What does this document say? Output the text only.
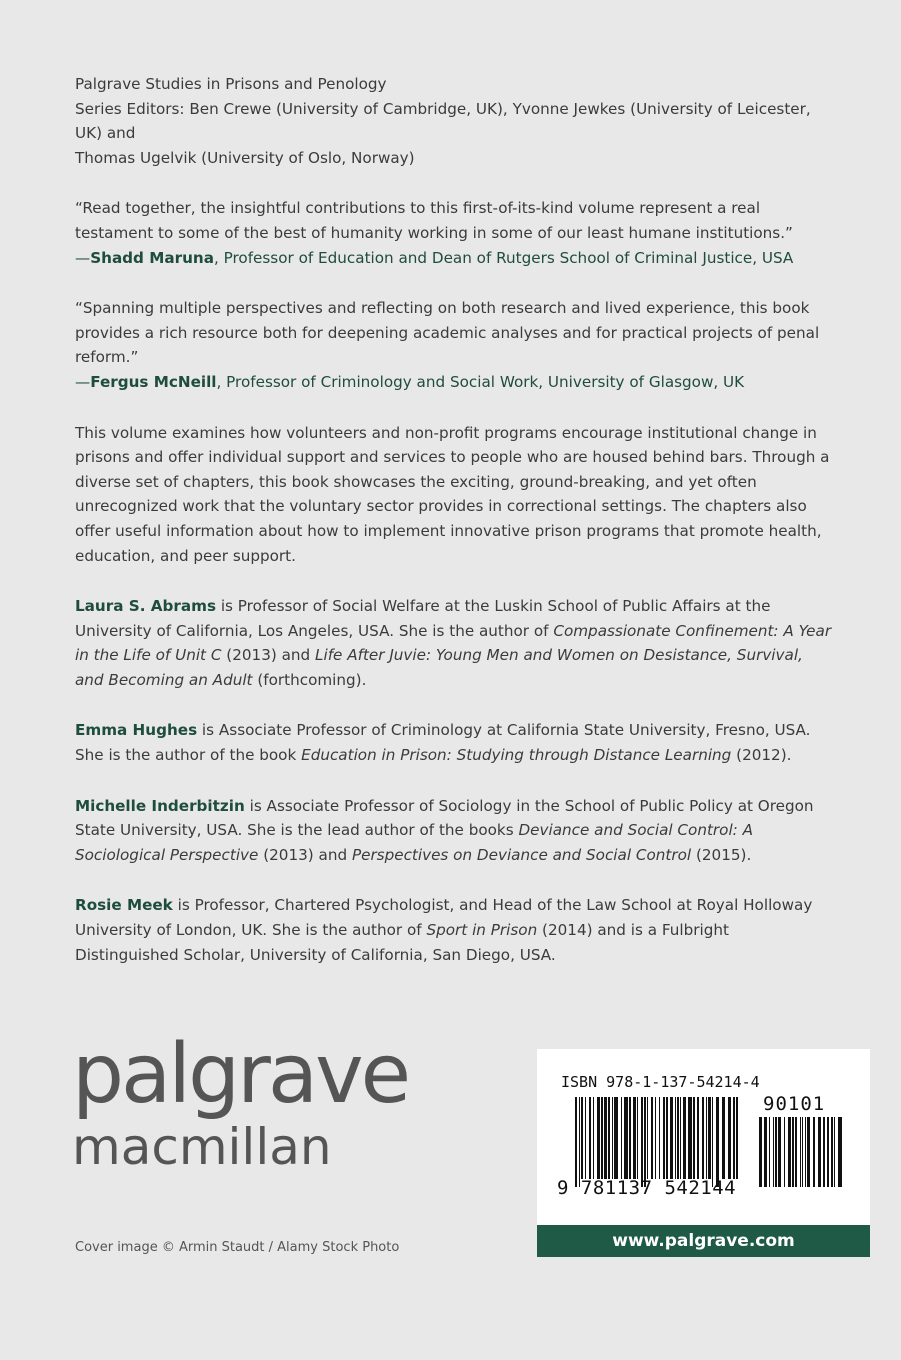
Palgrave Studies in Prisons and Penology
Series Editors: Ben Crewe (University of Cambridge, UK), Yvonne Jewkes (University of Leicester, UK) and
Thomas Ugelvik (University of Oslo, Norway)

“Read together, the insightful contributions to this first-of-its-kind volume represent a real testament to some of the best of humanity working in some of our least humane institutions.”
—Shadd Maruna, Professor of Education and Dean of Rutgers School of Criminal Justice, USA

“Spanning multiple perspectives and reflecting on both research and lived experience, this book provides a rich resource both for deepening academic analyses and for practical projects of penal reform.”
—Fergus McNeill, Professor of Criminology and Social Work, University of Glasgow, UK

This volume examines how volunteers and non-profit programs encourage institutional change in prisons and offer individual support and services to people who are housed behind bars. Through a diverse set of chapters, this book showcases the exciting, ground-breaking, and yet often unrecognized work that the voluntary sector provides in correctional settings. The chapters also offer useful information about how to implement innovative prison programs that promote health, education, and peer support.

Laura S. Abrams is Professor of Social Welfare at the Luskin School of Public Affairs at the University of California, Los Angeles, USA. She is the author of Compassionate Confinement: A Year in the Life of Unit C (2013) and Life After Juvie: Young Men and Women on Desistance, Survival, and Becoming an Adult (forthcoming).

Emma Hughes is Associate Professor of Criminology at California State University, Fresno, USA. She is the author of the book Education in Prison: Studying through Distance Learning (2012).

Michelle Inderbitzin is Associate Professor of Sociology in the School of Public Policy at Oregon State University, USA. She is the lead author of the books Deviance and Social Control: A Sociological Perspective (2013) and Perspectives on Deviance and Social Control (2015).

Rosie Meek is Professor, Chartered Psychologist, and Head of the Law School at Royal Holloway University of London, UK. She is the author of Sport in Prison (2014) and is a Fulbright Distinguished Scholar, University of California, San Diego, USA.

palgrave
macmillan
Cover image © Armin Staudt / Alamy Stock Photo
ISBN 978-1-137-54214-4
90101
9 781137 542144
www.palgrave.com
